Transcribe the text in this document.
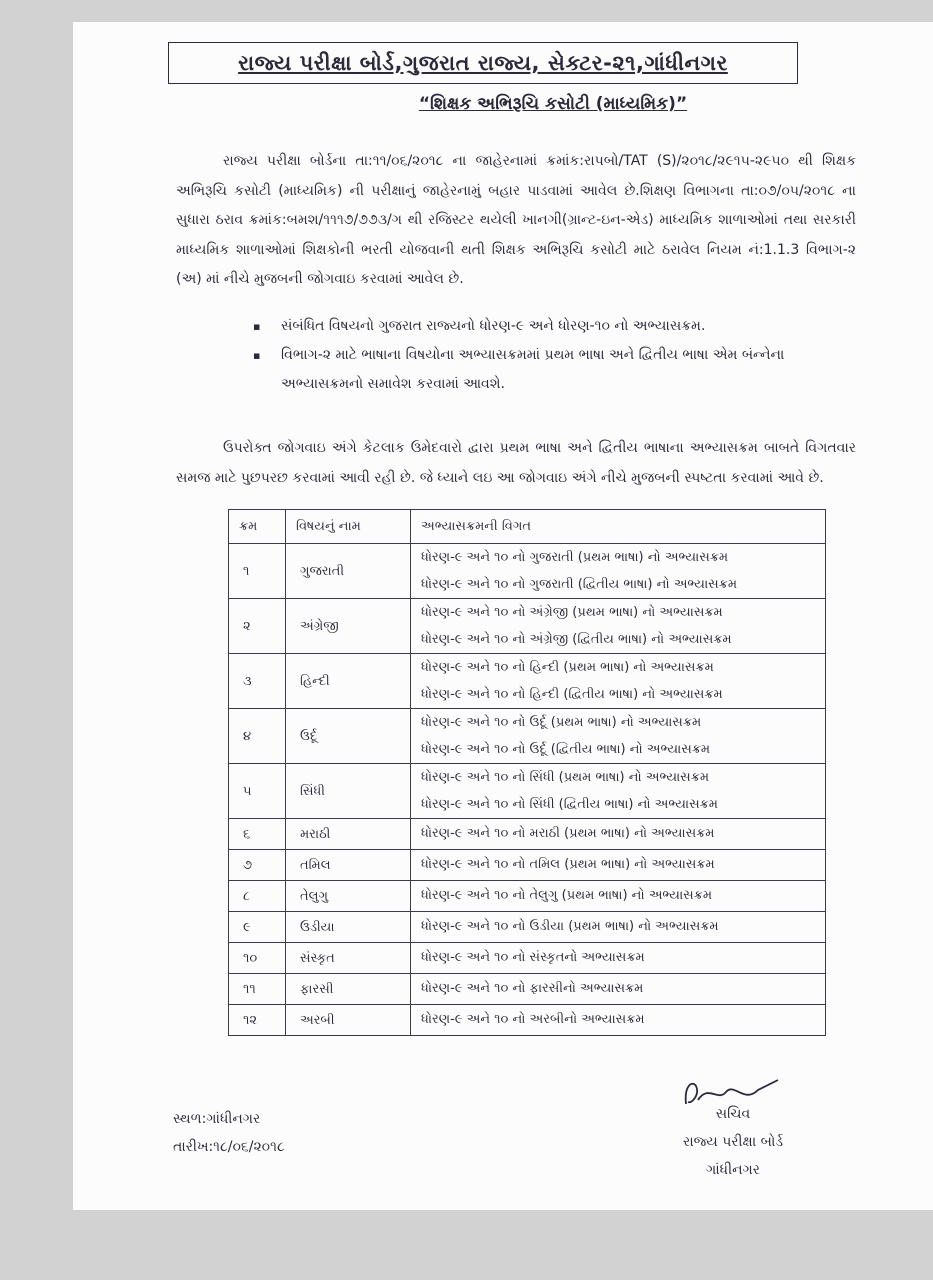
રાજ્ય પરીક્ષા બોર્ડ,ગુજરાત રાજ્ય, સેક્ટર-૨૧,ગાંધીનગર
“શિક્ષક અભિરૂચિ કસોટી (માધ્યમિક)”
રાજ્ય પરીક્ષા બોર્ડના તા:૧૧/૦૬/૨૦૧૮ ના જાહેરનામાં ક્રમાંક:રાપબો/TAT (S)/૨૦૧૮/૨૯૧૫-૨૯૫૦ થી શિક્ષક અભિરૂચિ કસોટી (માધ્યમિક) ની પરીક્ષાનું જાહેરનામું બહાર પાડવામાં આવેલ છે.શિક્ષણ વિભાગના તા:૦૭/૦૫/૨૦૧૮ ના સુધારા ઠરાવ ક્રમાંક:બમશ/૧૧૧૭/૭૭૩/ગ થી રજિસ્ટર થયેલી ખાનગી(ગ્રાન્ટ-ઇન-એડ) માધ્યમિક શાળાઓમાં તથા સરકારી માધ્યમિક શાળાઓમાં શિક્ષકોની ભરતી યોજવાની થતી શિક્ષક અભિરૂચિ કસોટી માટે ઠરાવેલ નિયમ નં:1.1.3 વિભાગ-૨ (અ) માં નીચે મુજબની જોગવાઇ કરવામાં આવેલ છે.
▪ સંબંધિત વિષયનો ગુજરાત રાજ્યનો ધોરણ-૯ અને ધોરણ-૧૦ નો અભ્યાસક્રમ.
▪ વિભાગ-૨ માટે ભાષાના વિષયોના અભ્યાસક્રમમાં પ્રથમ ભાષા અને દ્વિતીય ભાષા એમ બંન્નેના અભ્યાસક્રમનો સમાવેશ કરવામાં આવશે.
ઉપરોક્ત જોગવાઇ અંગે કેટલાક ઉમેદવારો દ્વારા પ્રથમ ભાષા અને દ્વિતીય ભાષાના અભ્યાસક્રમ બાબતે વિગતવાર સમજ માટે પુછપરછ કરવામાં આવી રહી છે. જે ધ્યાને લઇ આ જોગવાઇ અંગે નીચે મુજબની સ્પષ્ટતા કરવામાં આવે છે.
ક્રમ	વિષયનું નામ	અભ્યાસક્રમની વિગત
૧	ગુજરાતી	ધોરણ-૯ અને ૧૦ નો ગુજરાતી (પ્રથમ ભાષા) નો અભ્યાસક્રમ
ધોરણ-૯ અને ૧૦ નો ગુજરાતી (દ્વિતીય ભાષા) નો અભ્યાસક્રમ

૨	અંગ્રેજી	ધોરણ-૯ અને ૧૦ નો અંગ્રેજી (પ્રથમ ભાષા) નો અભ્યાસક્રમ
ધોરણ-૯ અને ૧૦ નો અંગ્રેજી (દ્વિતીય ભાષા) નો અભ્યાસક્રમ

૩	હિન્દી	ધોરણ-૯ અને ૧૦ નો હિન્દી (પ્રથમ ભાષા) નો અભ્યાસક્રમ
ધોરણ-૯ અને ૧૦ નો હિન્દી (દ્વિતીય ભાષા) નો અભ્યાસક્રમ

૪	ઉર્દૂ	ધોરણ-૯ અને ૧૦ નો ઉર્દૂ (પ્રથમ ભાષા) નો અભ્યાસક્રમ
ધોરણ-૯ અને ૧૦ નો ઉર્દૂ (દ્વિતીય ભાષા) નો અભ્યાસક્રમ

૫	સિંધી	ધોરણ-૯ અને ૧૦ નો સિંધી (પ્રથમ ભાષા) નો અભ્યાસક્રમ
ધોરણ-૯ અને ૧૦ નો સિંધી (દ્વિતીય ભાષા) નો અભ્યાસક્રમ

૬	મરાઠી	ધોરણ-૯ અને ૧૦ નો મરાઠી (પ્રથમ ભાષા) નો અભ્યાસક્રમ

૭	તમિલ	ધોરણ-૯ અને ૧૦ નો તમિલ (પ્રથમ ભાષા) નો અભ્યાસક્રમ

૮	તેલુગુ	ધોરણ-૯ અને ૧૦ નો તેલુગુ (પ્રથમ ભાષા) નો અભ્યાસક્રમ

૯	ઉડીયા	ધોરણ-૯ અને ૧૦ નો ઉડીયા (પ્રથમ ભાષા) નો અભ્યાસક્રમ

૧૦	સંસ્કૃત	ધોરણ-૯ અને ૧૦ નો સંસ્કૃતનો અભ્યાસક્રમ

૧૧	ફારસી	ધોરણ-૯ અને ૧૦ નો ફારસીનો અભ્યાસક્રમ

૧૨	અરબી	ધોરણ-૯ અને ૧૦ નો અરબીનો અભ્યાસક્રમ
સ્થળ:ગાંધીનગર
તારીખ:૧૮/૦૬/૨૦૧૮
સચિવ
રાજ્ય પરીક્ષા બોર્ડ
ગાંધીનગર
